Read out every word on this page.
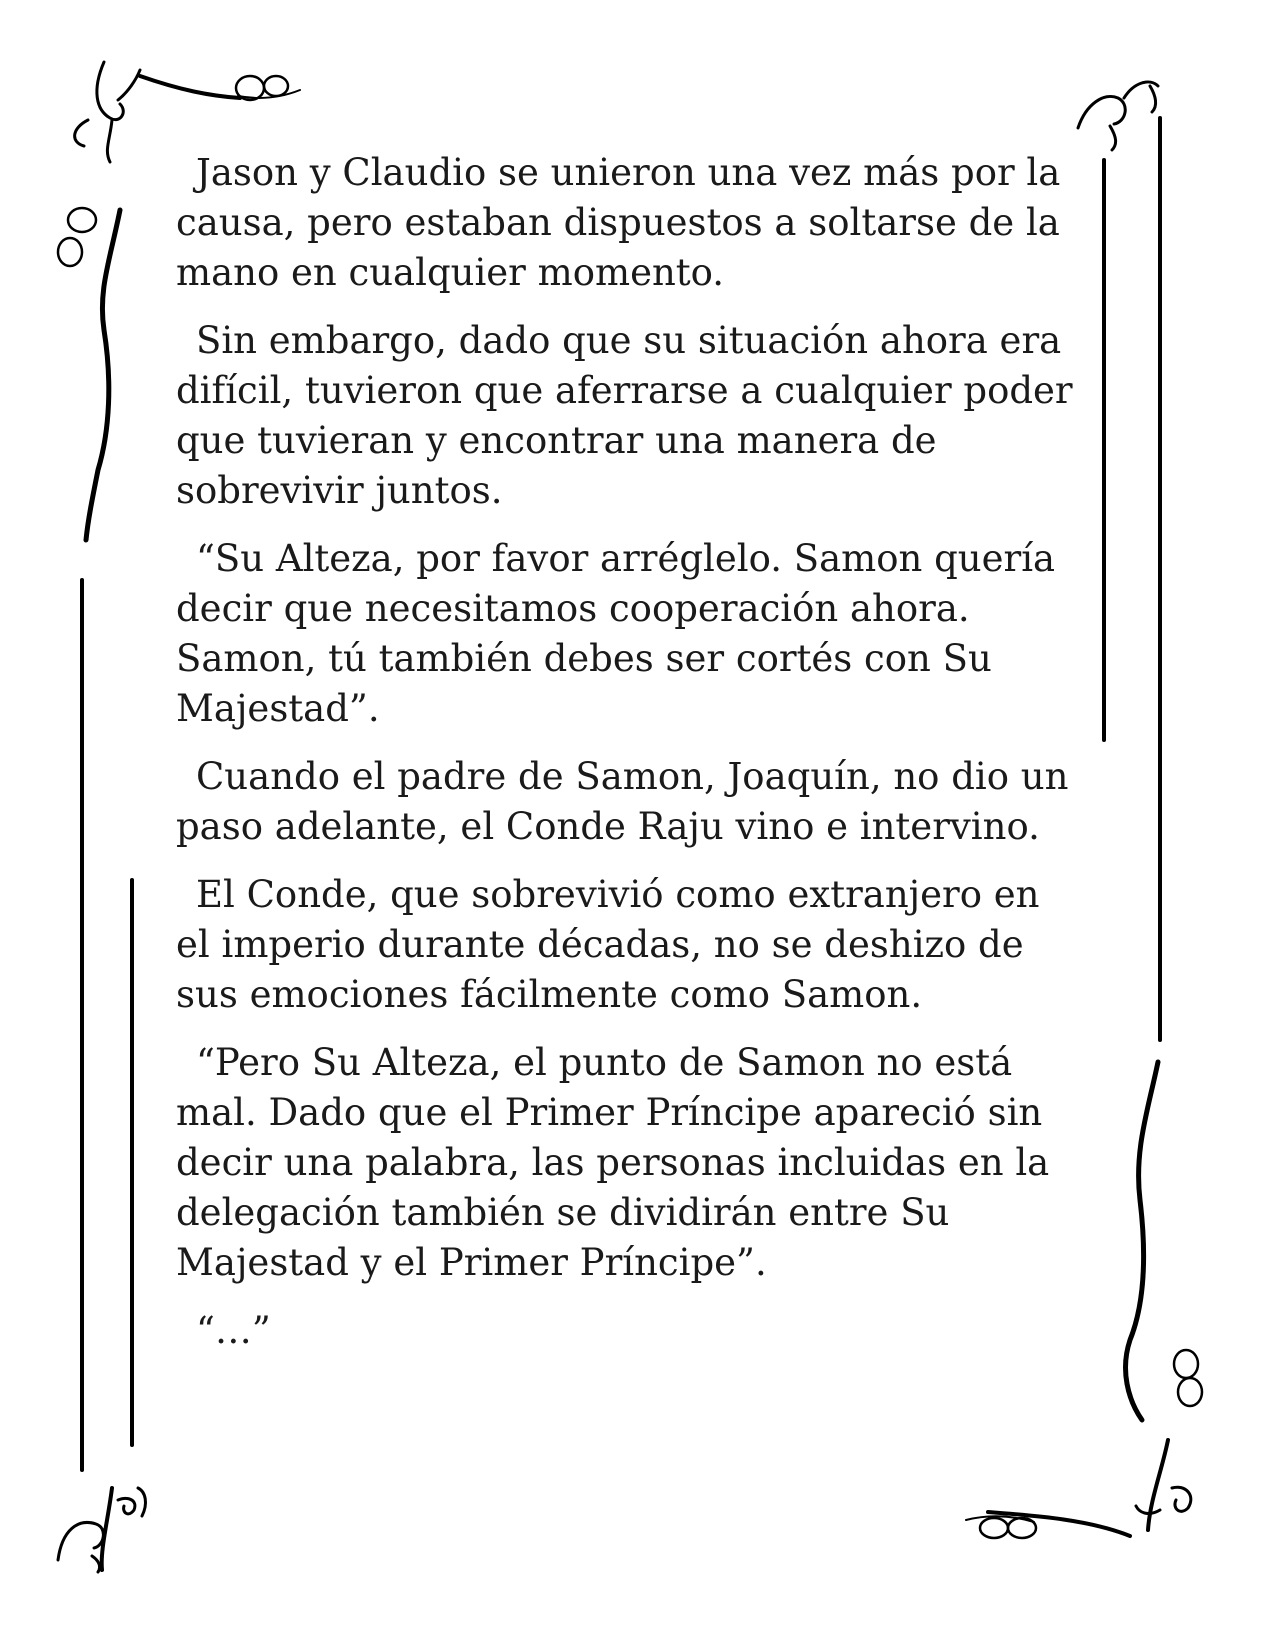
Jason y Claudio se unieron una vez más por la causa, pero estaban dispuestos a soltarse de la mano en cualquier momento.

Sin embargo, dado que su situación ahora era difícil, tuvieron que aferrarse a cualquier poder que tuvieran y encontrar una manera de sobrevivir juntos.

“Su Alteza, por favor arréglelo. Samon quería decir que necesitamos cooperación ahora. Samon, tú también debes ser cortés con Su Majestad”.

Cuando el padre de Samon, Joaquín, no dio un paso adelante, el Conde Raju vino e intervino.

El Conde, que sobrevivió como extranjero en el imperio durante décadas, no se deshizo de sus emociones fácilmente como Samon.

“Pero Su Alteza, el punto de Samon no está mal. Dado que el Primer Príncipe apareció sin decir una palabra, las personas incluidas en la delegación también se dividirán entre Su Majestad y el Primer Príncipe”.

“…”
